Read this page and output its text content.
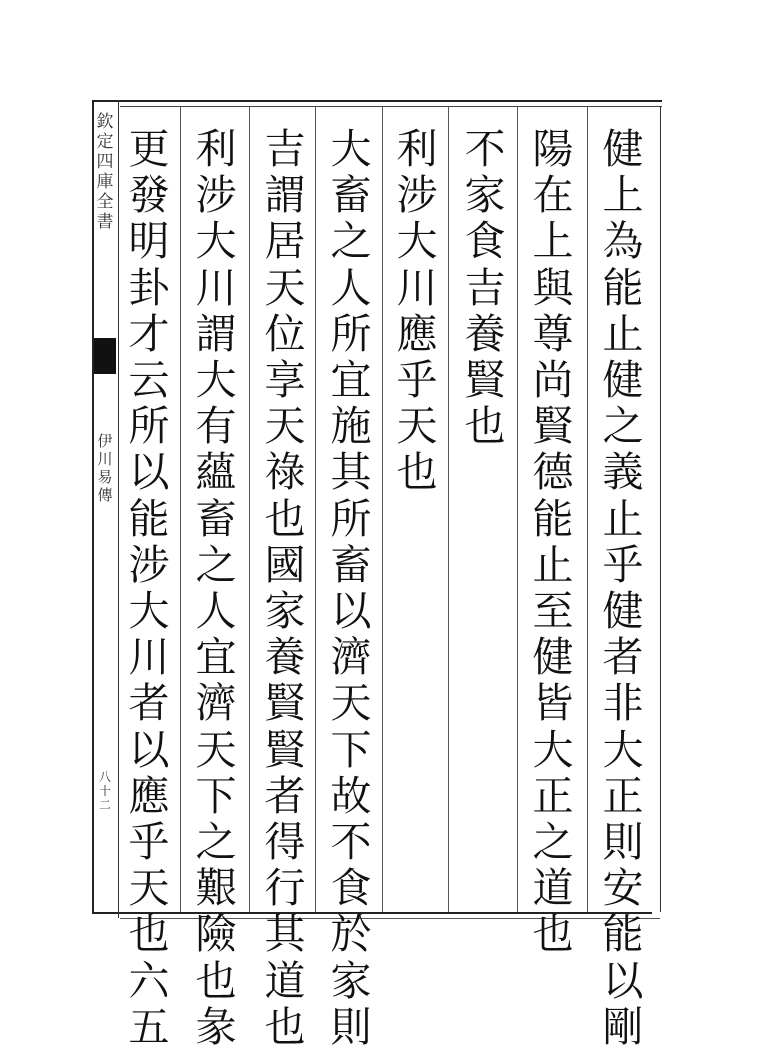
欽定四庫全書
伊川易傳
八十二
健上為能止健之義止乎健者非大正則安能以剛
陽在上與尊尚賢德能止至健皆大正之道也
不家食吉養賢也
利涉大川應乎天也
大畜之人所宜施其所畜以濟天下故不食於家則
吉謂居天位享天祿也國家養賢賢者得行其道也
利涉大川謂大有蘊畜之人宜濟天下之艱險也彖
更發明卦才云所以能涉大川者以應乎天也六五
